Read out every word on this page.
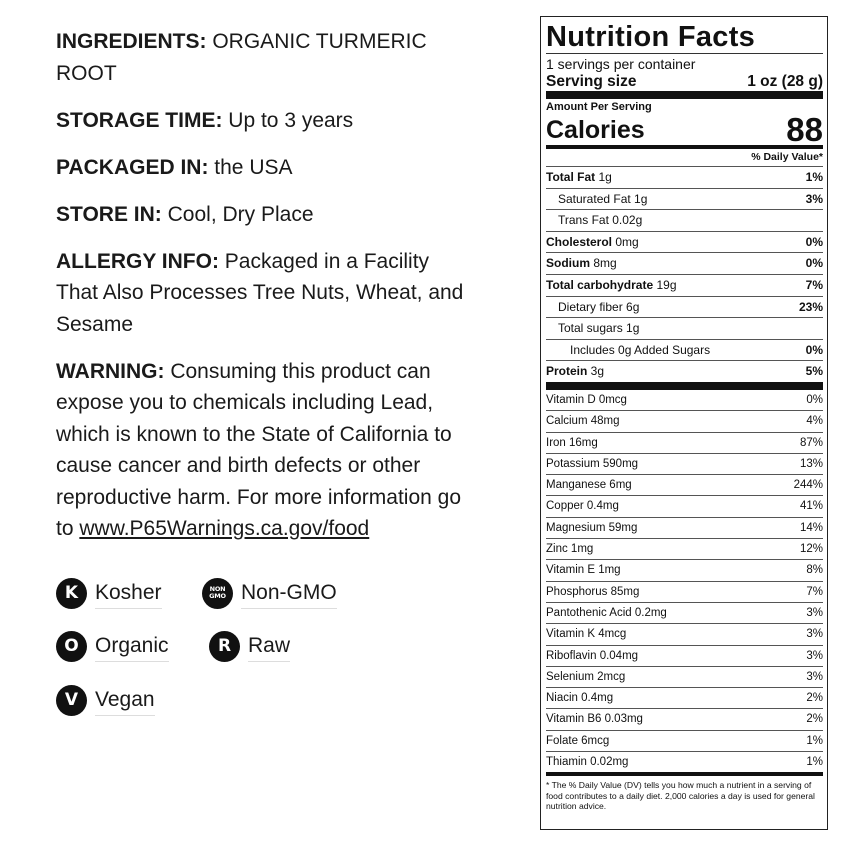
INGREDIENTS: ORGANIC TURMERIC ROOT
STORAGE TIME: Up to 3 years
PACKAGED IN: the USA
STORE IN: Cool, Dry Place
ALLERGY INFO: Packaged in a Facility That Also Processes Tree Nuts, Wheat, and Sesame
WARNING: Consuming this product can expose you to chemicals including Lead, which is known to the State of California to cause cancer and birth defects or other reproductive harm. For more information go to www.P65Warnings.ca.gov/food
K Kosher	NON GMO Non-GMO
O Organic	R Raw
V Vegan
Nutrition Facts
1 servings per container
Serving size	1 oz (28 g)
Amount Per Serving
Calories	88
% Daily Value*
Total Fat 1g	1%
Saturated Fat 1g	3%
Trans Fat 0.02g
Cholesterol 0mg	0%
Sodium 8mg	0%
Total carbohydrate 19g	7%
Dietary fiber 6g	23%
Total sugars 1g
Includes 0g Added Sugars	0%
Protein 3g	5%
Vitamin D 0mcg	0%
Calcium 48mg	4%
Iron 16mg	87%
Potassium 590mg	13%
Manganese 6mg	244%
Copper 0.4mg	41%
Magnesium 59mg	14%
Zinc 1mg	12%
Vitamin E 1mg	8%
Phosphorus 85mg	7%
Pantothenic Acid 0.2mg	3%
Vitamin K 4mcg	3%
Riboflavin 0.04mg	3%
Selenium 2mcg	3%
Niacin 0.4mg	2%
Vitamin B6 0.03mg	2%
Folate 6mcg	1%
Thiamin 0.02mg	1%
* The % Daily Value (DV) tells you how much a nutrient in a serving of food contributes to a daily diet. 2,000 calories a day is used for general nutrition advice.
